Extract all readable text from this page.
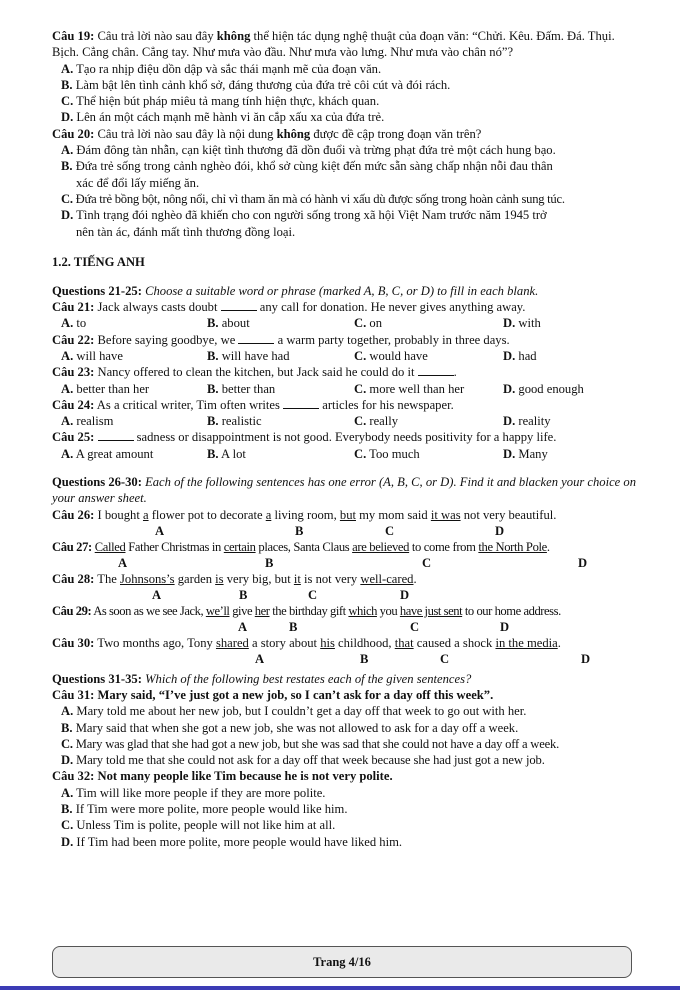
Câu 19: Câu trả lời nào sau đây không thể hiện tác dụng nghệ thuật của đoạn văn: “Chửi. Kêu. Đấm. Đá. Thụi. Bịch. Cẳng chân. Cẳng tay. Như mưa vào đầu. Như mưa vào lưng. Như mưa vào chân nó”?

A. Tạo ra nhịp điệu dồn dập và sắc thái mạnh mẽ của đoạn văn.

B. Làm bật lên tình cảnh khổ sở, đáng thương của đứa trẻ côi cút và đói rách.

C. Thể hiện bút pháp miêu tả mang tính hiện thực, khách quan.

D. Lên án một cách mạnh mẽ hành vi ăn cắp xấu xa của đứa trẻ.

Câu 20: Câu trả lời nào sau đây là nội dung không được đề cập trong đoạn văn trên?

A. Đám đông tàn nhẫn, cạn kiệt tình thương đã dồn đuổi và trừng phạt đứa trẻ một cách hung bạo.

B. Đứa trẻ sống trong cảnh nghèo đói, khổ sở cùng kiệt đến mức sẵn sàng chấp nhận nỗi đau thân

xác để đổi lấy miếng ăn.

C. Đứa trẻ bồng bột, nông nổi, chỉ vì tham ăn mà có hành vi xấu dù được sống trong hoàn cảnh sung túc.

D. Tình trạng đói nghèo đã khiến cho con người sống trong xã hội Việt Nam trước năm 1945 trở

nên tàn ác, đánh mất tình thương đồng loại.

1.2. TIẾNG ANH

Questions 21-25: Choose a suitable word or phrase (marked A, B, C, or D) to fill in each blank.

Câu 21: Jack always casts doubt	any call for donation. He never gives anything away.

A. to	B. about	C. on	D. with

Câu 22: Before saying goodbye, we	a warm party together, probably in three days.

A. will have	B. will have had	C. would have	D. had

Câu 23: Nancy offered to clean the kitchen, but Jack said he could do it	.

A. better than her	B. better than	C. more well than her	D. good enough

Câu 24: As a critical writer, Tim often writes	articles for his newspaper.

A. realism	B. realistic	C. really	D. reality

Câu 25:	sadness or disappointment is not good. Everybody needs positivity for a happy life.

A. A great amount	B. A lot	C. Too much	D. Many

Questions 26-30: Each of the following sentences has one error (A, B, C, or D). Find it and blacken your choice on your answer sheet.

Câu 26: I bought a flower pot to decorate a living room, but my mom said it was not very beautiful.
A	B	C	D
Câu 27: Called Father Christmas in certain places, Santa Claus are believed to come from the North Pole.
A	B	C	D
Câu 28: The Johnsons’s garden is very big, but it is not very well-cared.
A	B	C	D
Câu 29: As soon as we see Jack, we’ll give her the birthday gift which you have just sent to our home address.
A	B	C	D
Câu 30: Two months ago, Tony shared a story about his childhood, that caused a shock in the media.
A	B	C	D

Questions 31-35: Which of the following best restates each of the given sentences?

Câu 31: Mary said, “I’ve just got a new job, so I can’t ask for a day off this week”.

A. Mary told me about her new job, but I couldn’t get a day off that week to go out with her.

B. Mary said that when she got a new job, she was not allowed to ask for a day off a week.

C. Mary was glad that she had got a new job, but she was sad that she could not have a day off a week.

D. Mary told me that she could not ask for a day off that week because she had just got a new job.

Câu 32: Not many people like Tim because he is not very polite.

A. Tim will like more people if they are more polite.

B. If Tim were more polite, more people would like him.

C. Unless Tim is polite, people will not like him at all.

D. If Tim had been more polite, more people would have liked him.

Trang 4/16
